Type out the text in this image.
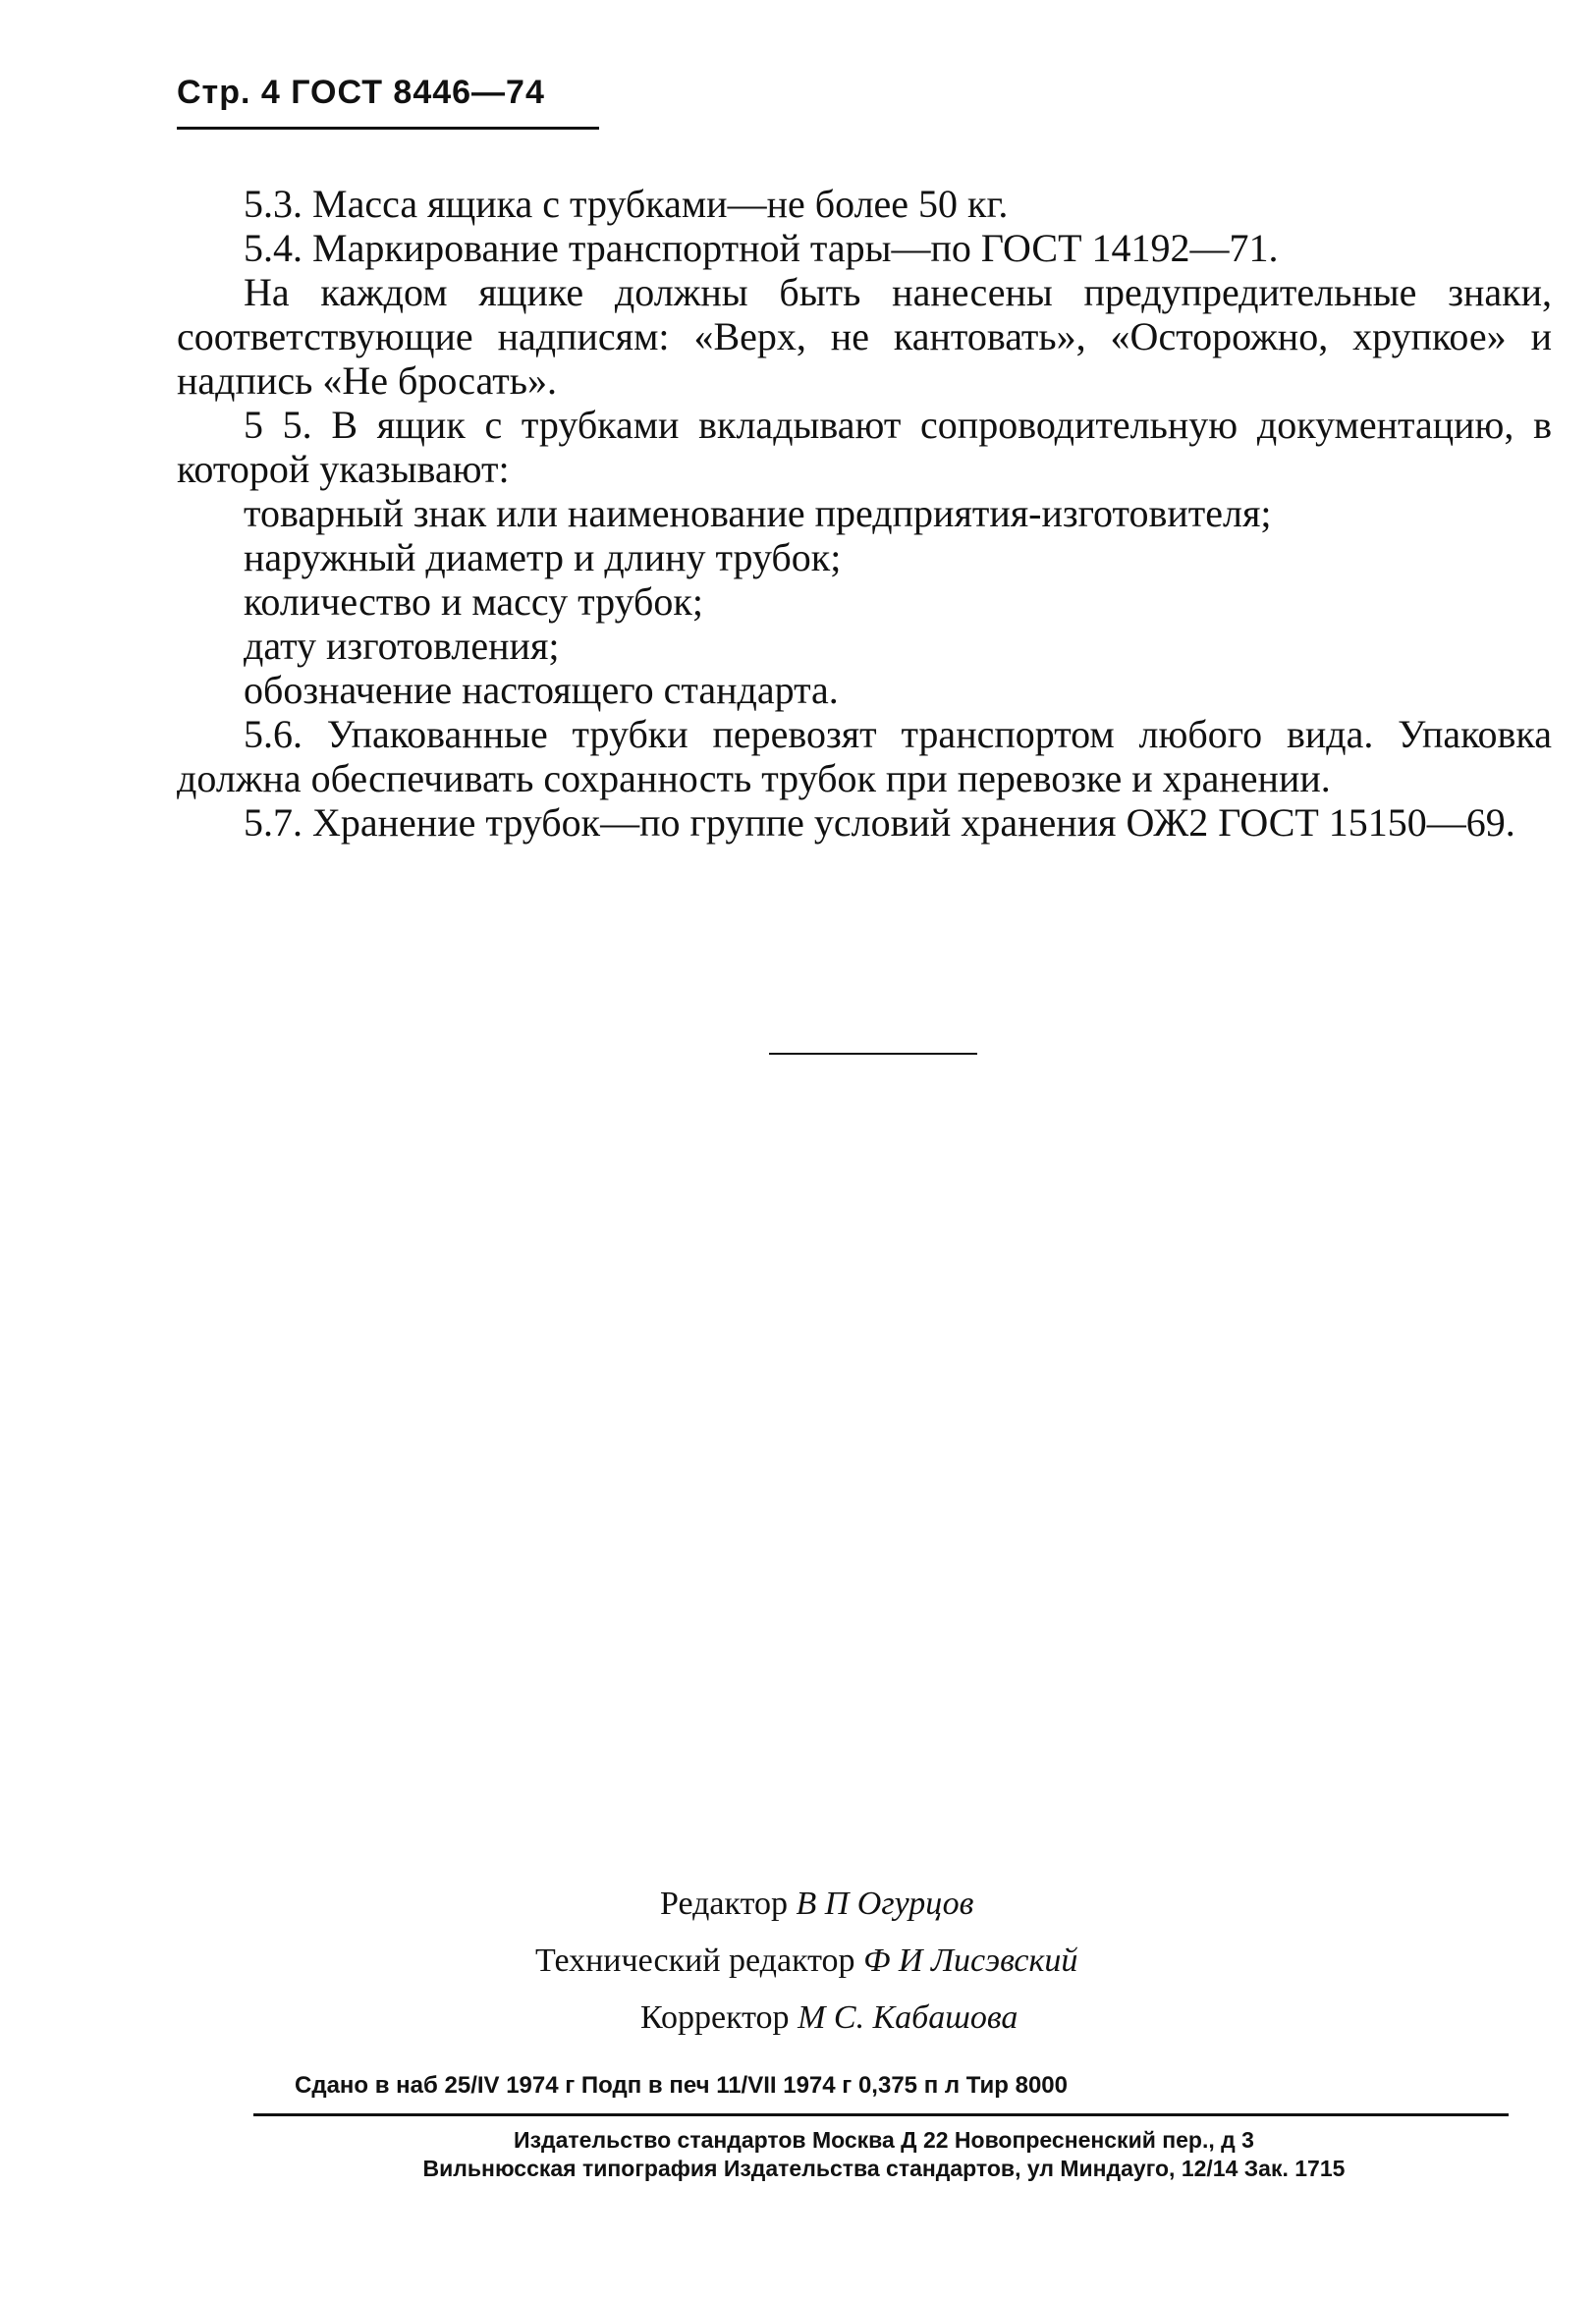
Стр. 4 ГОСТ 8446—74

5.3. Масса ящика с трубками—не более 50 кг.

5.4. Маркирование транспортной тары—по ГОСТ 14192—71.

На каждом ящике должны быть нанесены предупредительные знаки, соответствующие надписям: «Верх, не кантовать», «Осторожно, хрупкое» и надпись «Не бросать».

5 5. В ящик с трубками вкладывают сопроводительную документацию, в которой указывают:

товарный знак или наименование предприятия-изготовителя;

наружный диаметр и длину трубок;

количество и массу трубок;

дату изготовления;

обозначение настоящего стандарта.

5.6. Упакованные трубки перевозят транспортом любого вида. Упаковка должна обеспечивать сохранность трубок при перевозке и хранении.

5.7. Хранение трубок—по группе условий хранения ОЖ2 ГОСТ 15150—69.

Редактор В П Огурцов
Технический редактор Ф И Лисэвский
Корректор М С. Кабашова
Сдано в наб 25/IV 1974 г Подп в печ 11/VII 1974 г 0,375 п л Тир 8000
Издательство стандартов Москва Д 22 Новопресненский пер., д 3
Вильнюсская типография Издательства стандартов, ул Миндауго, 12/14 Зак. 1715
